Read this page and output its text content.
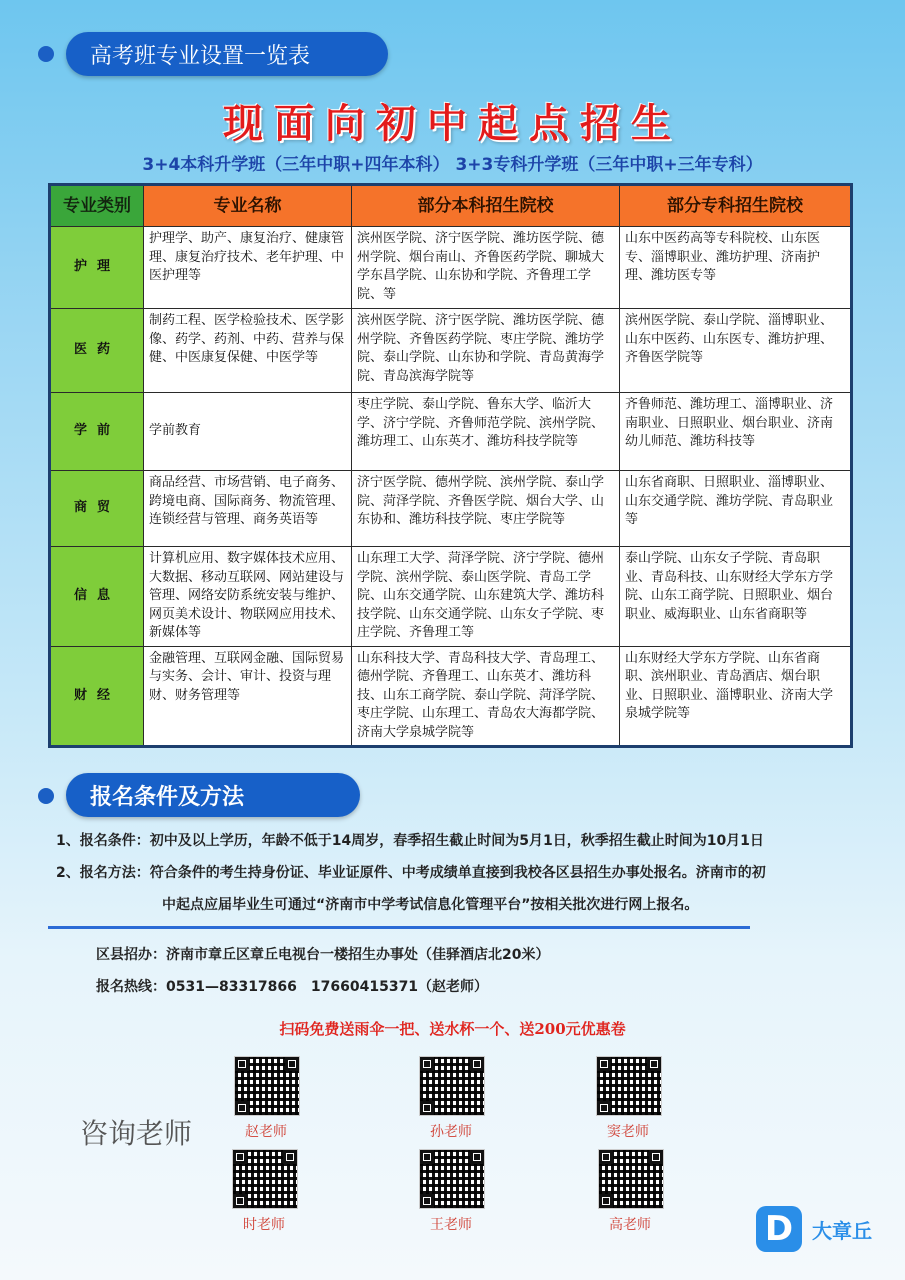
高考班专业设置一览表
现面向初中起点招生
3+4本科升学班（三年中职+四年本科） 3+3专科升学班（三年中职+三年专科）
专业类别	专业名称	部分本科招生院校	部分专科招生院校
护理	护理学、助产、康复治疗、健康管理、康复治疗技术、老年护理、中医护理等	滨州医学院、济宁医学院、潍坊医学院、德州学院、烟台南山、齐鲁医药学院、聊城大学东昌学院、山东协和学院、齐鲁理工学院、等	山东中医药高等专科院校、山东医专、淄博职业、潍坊护理、济南护理、潍坊医专等
医药	制药工程、医学检验技术、医学影像、药学、药剂、中药、营养与保健、中医康复保健、中医学等	滨州医学院、济宁医学院、潍坊医学院、德州学院、齐鲁医药学院、枣庄学院、潍坊学院、泰山学院、山东协和学院、青岛黄海学院、青岛滨海学院等	滨州医学院、泰山学院、淄博职业、山东中医药、山东医专、潍坊护理、齐鲁医学院等
学前	学前教育	枣庄学院、泰山学院、鲁东大学、临沂大学、济宁学院、齐鲁师范学院、滨州学院、潍坊理工、山东英才、潍坊科技学院等	齐鲁师范、潍坊理工、淄博职业、济南职业、日照职业、烟台职业、济南幼儿师范、潍坊科技等
商贸	商品经营、市场营销、电子商务、跨境电商、国际商务、物流管理、连锁经营与管理、商务英语等	济宁医学院、德州学院、滨州学院、泰山学院、菏泽学院、齐鲁医学院、烟台大学、山东协和、潍坊科技学院、枣庄学院等	山东省商职、日照职业、淄博职业、山东交通学院、潍坊学院、青岛职业等
信息	计算机应用、数字媒体技术应用、大数据、移动互联网、网站建设与管理、网络安防系统安装与维护、网页美术设计、物联网应用技术、新媒体等	山东理工大学、菏泽学院、济宁学院、德州学院、滨州学院、泰山医学院、青岛工学院、山东交通学院、山东建筑大学、潍坊科技学院、山东交通学院、山东女子学院、枣庄学院、齐鲁理工等	泰山学院、山东女子学院、青岛职业、青岛科技、山东财经大学东方学院、山东工商学院、日照职业、烟台职业、威海职业、山东省商职等
财经	金融管理、互联网金融、国际贸易与实务、会计、审计、投资与理财、财务管理等	山东科技大学、青岛科技大学、青岛理工、德州学院、齐鲁理工、山东英才、潍坊科技、山东工商学院、泰山学院、菏泽学院、枣庄学院、山东理工、青岛农大海都学院、济南大学泉城学院等	山东财经大学东方学院、山东省商职、滨州职业、青岛酒店、烟台职业、日照职业、淄博职业、济南大学泉城学院等
报名条件及方法
1、报名条件：初中及以上学历，年龄不低于14周岁，春季招生截止时间为5月1日，秋季招生截止时间为10月1日
2、报名方法：符合条件的考生持身份证、毕业证原件、中考成绩单直接到我校各区县招生办事处报名。济南市的初
中起点应届毕业生可通过“济南市中学考试信息化管理平台”按相关批次进行网上报名。
区县招办：济南市章丘区章丘电视台一楼招生办事处（佳驿酒店北20米）
报名热线：0531—83317866　17660415371（赵老师）
扫码免费送雨伞一把、送水杯一个、送200元优惠卷
咨询老师	赵老师	孙老师	窦老师
时老师	王老师	高老师	D 大章丘
